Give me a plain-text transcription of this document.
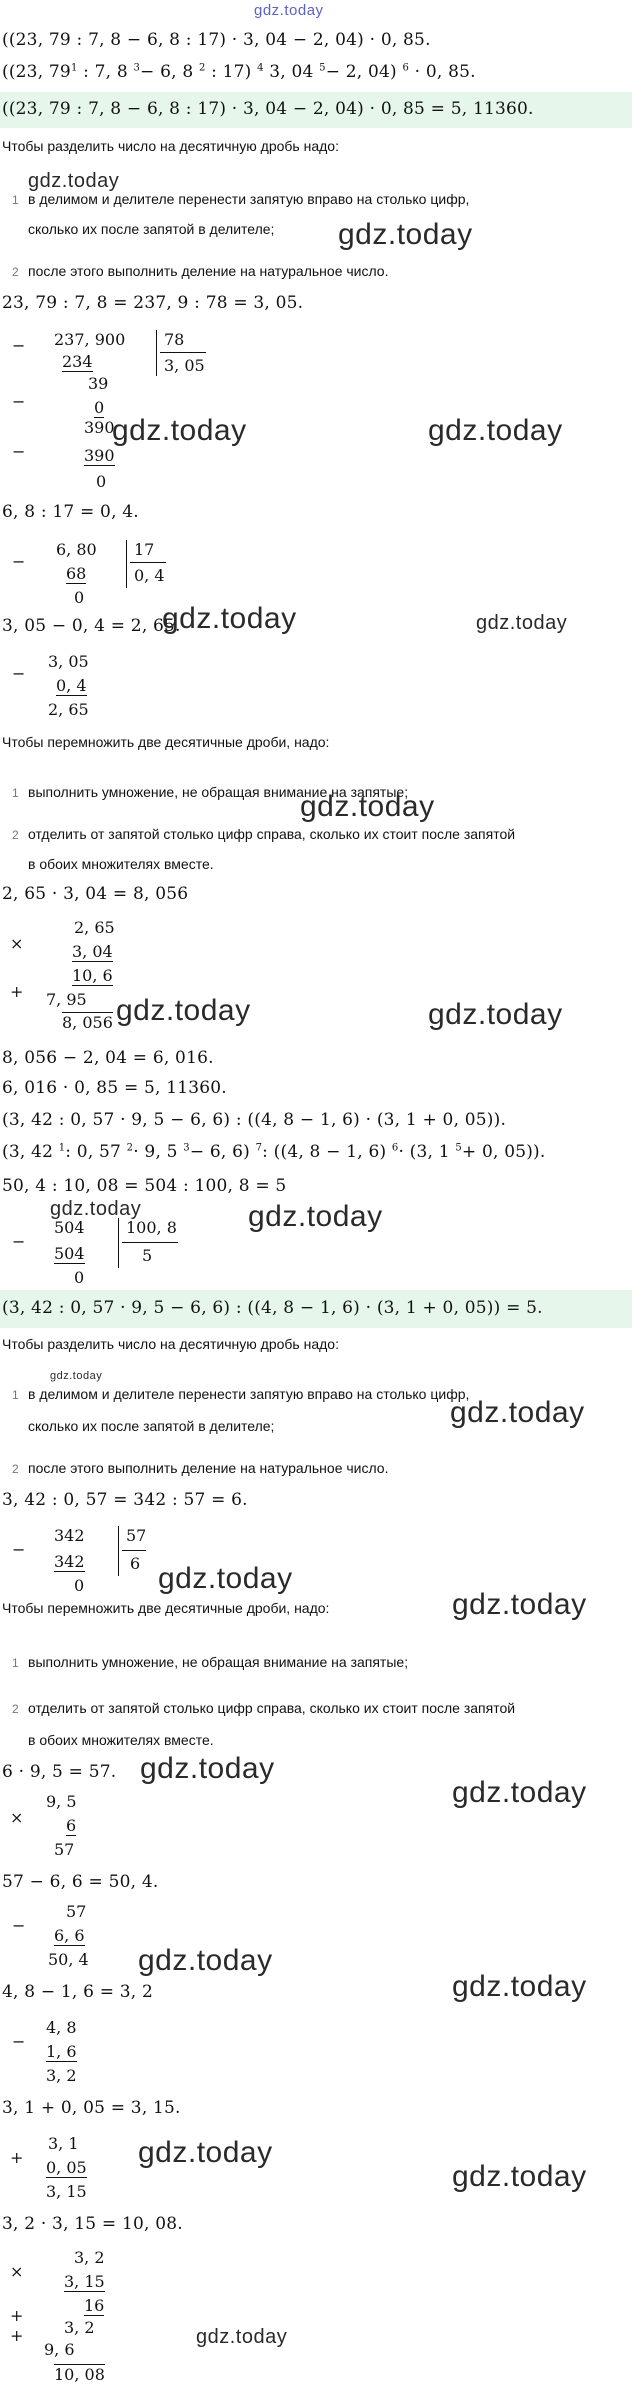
gdz.today
((23, 79 : 7, 8 − 6, 8 : 17) · 3, 04 − 2, 04) · 0, 85.
((23, $79^1$ : 7, 8 $^3$− 6, 8 $^2$ : 17) $^4$ 3, 04 $^5$− 2, 04) $^6$ · 0, 85.
((23, 79 : 7, 8 − 6, 8 : 17) · 3, 04 − 2, 04) · 0, 85 = 5, 11360.
Чтобы разделить число на десятичную дробь надо:
gdz.today
1 в делимом и делителе перенести запятую вправо на столько цифр,
сколько их после запятой в делителе; gdz.today
2 после этого выполнить деление на натуральное число.
23, 79 : 7, 8 = 237, 9 : 78 = 3, 05.
−
−
−
237, 900
234
39
0
390
390
0
78
3, 05
gdz.today	gdz.today
6, 8 : 17 = 0, 4.
−
6, 80
68
0
17
0, 4
3, 05 − 0, 4 = 2, 65.
gdz.today	gdz.today
−
3, 05
0, 4
2, 65
Чтобы перемножить две десятичные дроби, надо:
1 выполнить умножение, не обращая внимание на запятые;
gdz.today
2 отделить от запятой столько цифр справа, сколько их стоит после запятой
в обоих множителях вместе.
2, 65 · 3, 04 = 8, 056
×
+
2, 65
3, 04
10, 6
7, 95
8, 056 gdz.today	gdz.today
8, 056 − 2, 04 = 6, 016.
6, 016 · 0, 85 = 5, 11360.
(3, 42 : 0, 57 · 9, 5 − 6, 6) : ((4, 8 − 1, 6) · (3, 1 + 0, 05)).
(3, 42 $^1$: 0, 57 $^2$· 9, 5 $^3$− 6, 6) $^7$: ((4, 8 − 1, 6) $^6$· (3, 1 $^5$+ 0, 05)).
50, 4 : 10, 08 = 504 : 100, 8 = 5
gdz.today
−
504
504
0
100, 8
5
gdz.today
(3, 42 : 0, 57 · 9, 5 − 6, 6) : ((4, 8 − 1, 6) · (3, 1 + 0, 05)) = 5.
Чтобы разделить число на десятичную дробь надо:
gdz.today
1 в делимом и делителе перенести запятую вправо на столько цифр,
сколько их после запятой в делителе;	gdz.today
2 после этого выполнить деление на натуральное число.
3, 42 : 0, 57 = 342 : 57 = 6.
−
342
342
0
57
6 gdz.today
Чтобы перемножить две десятичные дроби, надо:	gdz.today
1 выполнить умножение, не обращая внимание на запятые;
2 отделить от запятой столько цифр справа, сколько их стоит после запятой
в обоих множителях вместе.
6 · 9, 5 = 57. gdz.today
gdz.today
×
9, 5
6
57
57 − 6, 6 = 50, 4.
−
57
6, 6
50, 4 gdz.today
gdz.today
4, 8 − 1, 6 = 3, 2
−
4, 8
1, 6
3, 2
3, 1 + 0, 05 = 3, 15.
+
3, 1
0, 05
3, 15
gdz.today
gdz.today
3, 2 · 3, 15 = 10, 08.
×
+
+
3, 2
3, 15
16
3, 2
9, 6
10, 08
gdz.today
